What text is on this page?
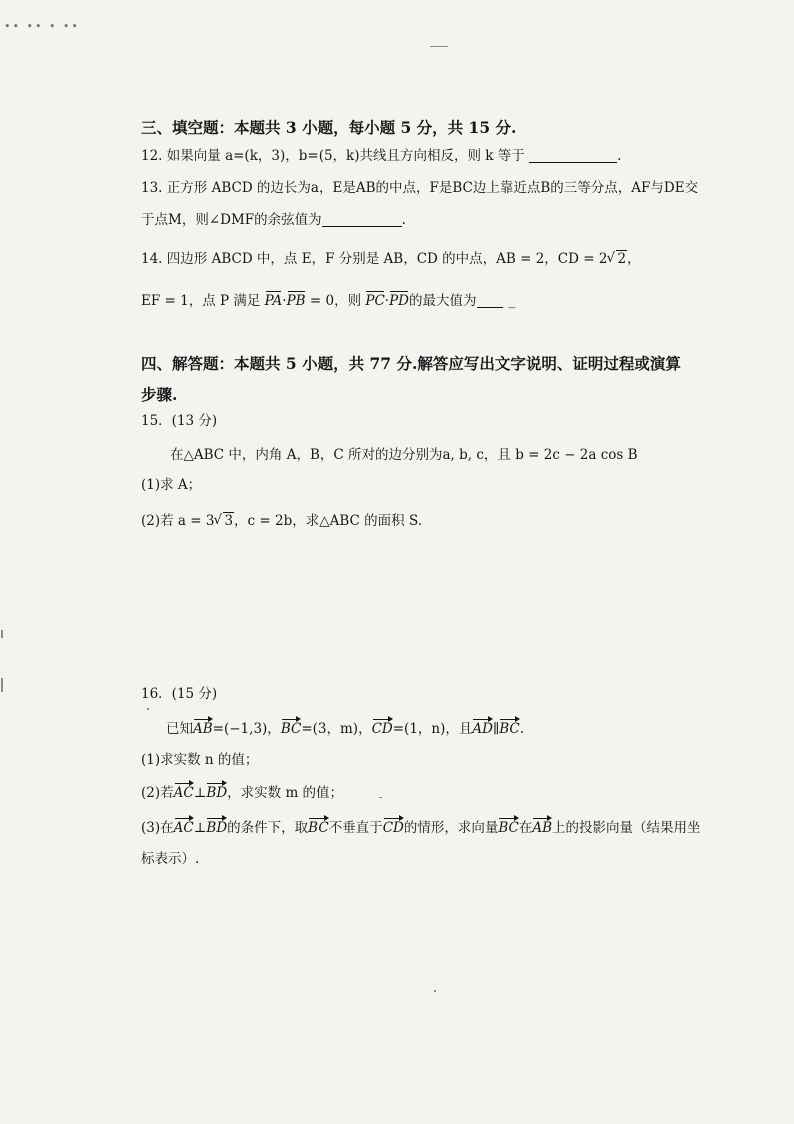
•• •• • ••
三、填空题：本题共 3 小题，每小题 5 分，共 15 分.
12. 如果向量 a=(k，3)，b=(5，k)共线且方向相反，则 k 等于	.
13. 正方形 ABCD 的边长为a，E是AB的中点，F是BC边上靠近点B的三等分点，AF与DE交
于点M，则∠DMF的余弦值为	.
14. 四边形 ABCD 中，点 E，F 分别是 AB，CD 的中点，AB = 2，CD = 2 √ 2，
EF = 1，点 P 满足 PA·PB = 0，则 PC·PD的最大值为 _
四、解答题：本题共 5 小题，共 77 分.解答应写出文字说明、证明过程或演算
步骤.
15．(13 分)
在△ABC 中，内角 A，B，C 所对的边分别为a, b, c，且 b = 2c − 2a cos B
(1)求 A；
(2)若 a = 3 √ 3，c = 2b，求△ABC 的面积 S.
16．(15 分)
已知AB=(−1,3)，BC=(3，m)，CD=(1，n)，且AD∥BC.
(1)求实数 n 的值；
(2)若AC⊥BD，求实数 m 的值；
(3)在AC⊥BD的条件下，取BC不垂直于CD的情形，求向量BC在AB上的投影向量（结果用坐
标表示）.
